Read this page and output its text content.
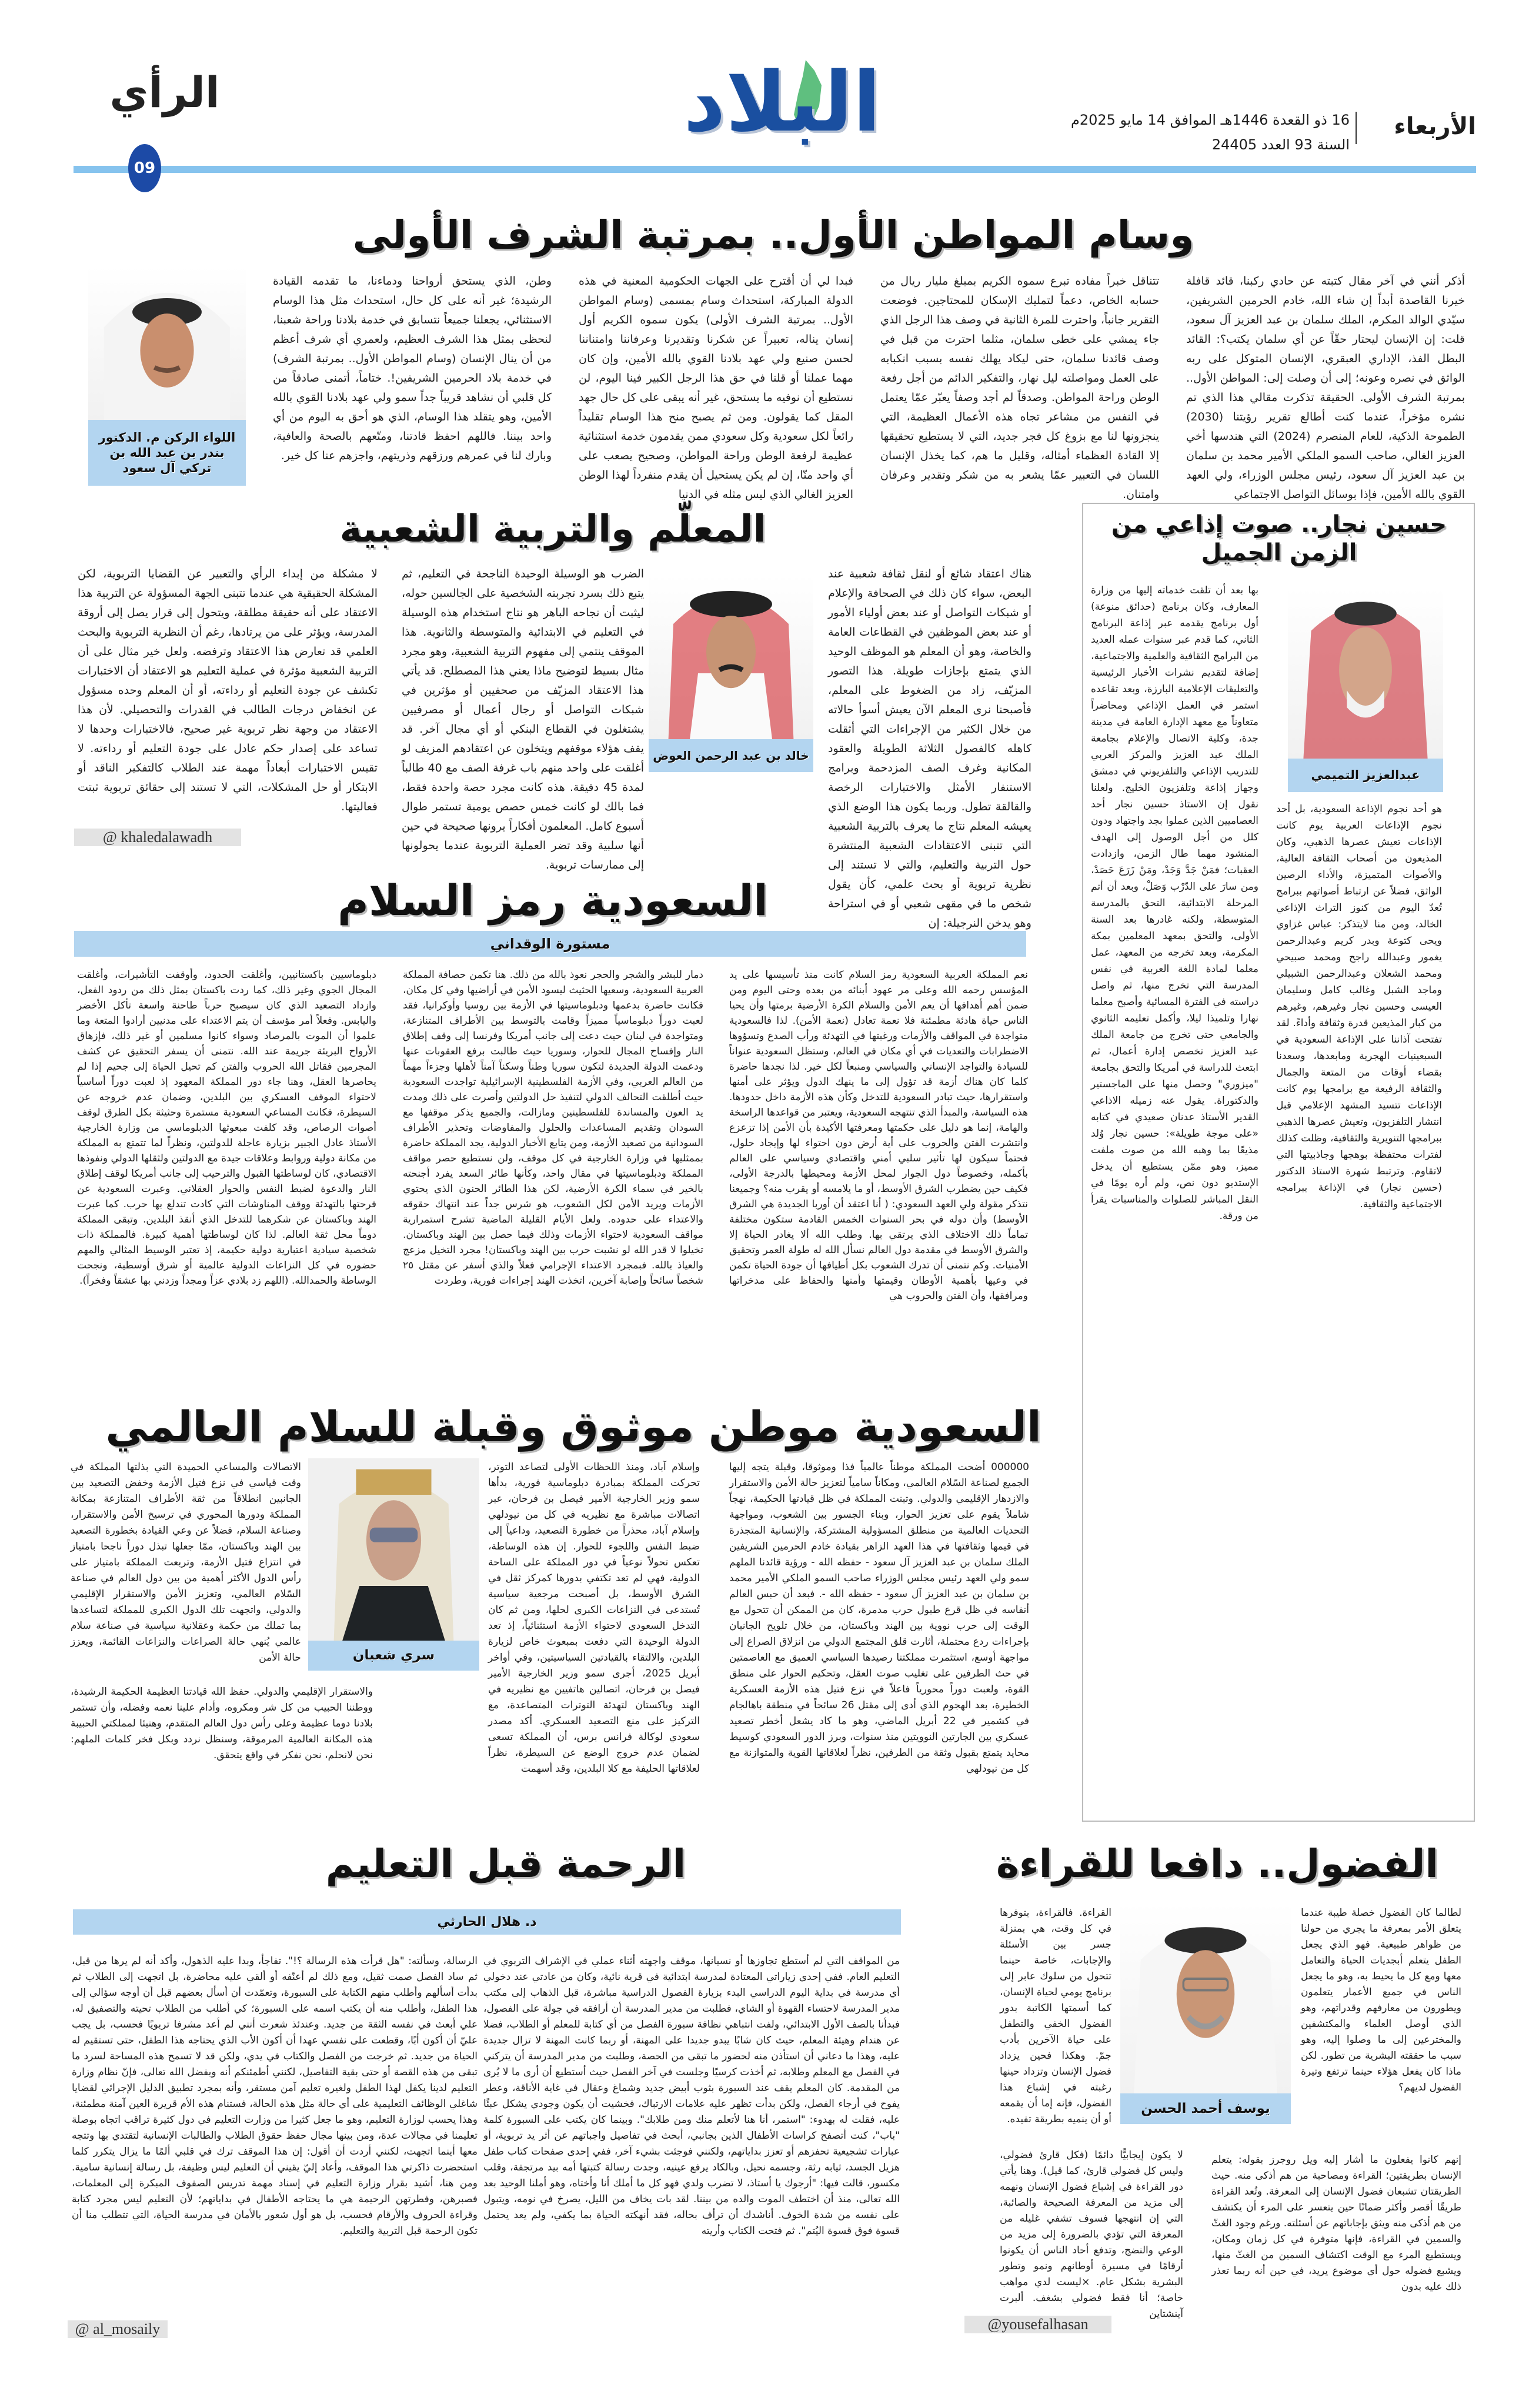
الأربعاء
16 ذو القعدة 1446هـ الموافق 14 مايو 2025م
السنة 93 العدد 24405
البلاد
الرأي
09
وسام المواطن الأول.. بمرتبة الشرف الأولى
أذكر أنني في آخر مقال كتبته عن حادي ركبنا، قائد قافلة خيرنا القاصدة أبداً إن شاء الله، خادم الحرمين الشريفين، سيّدي الوالد المكرم، الملك سلمان بن عبد العزيز آل سعود، قلت: إن الإنسان ليحتار حقّاً عن أي سلمان يكتب؟: القائد البطل الفذ، الإداري العبقري، الإنسان المتوكل على ربه الواثق في نصره وعونه؛ إلى أن وصلت إلى: المواطن الأول.. بمرتبة الشرف الأولى. الحقيقة تذكرت مقالي هذا الذي تم نشره مؤخراً، عندما كنت أطالع تقرير رؤيتنا (2030) الطموحة الذكية، للعام المنصرم (2024) التي هندسها أخي العزيز الغالي، صاحب السمو الملكي الأمير محمد بن سلمان بن عبد العزيز آل سعود، رئيس مجلس الوزراء، ولي العهد القوي بالله الأمين، فإذا بوسائل التواصل الاجتماعي
تتناقل خبراً مفاده تبرع سموه الكريم بمبلغ مليار ريال من حسابه الخاص، دعماً لتمليك الإسكان للمحتاجين. فوضعت التقرير جانباً، واحترت للمرة الثانية في وصف هذا الرجل الذي جاء يمشي على خطى سلمان، مثلما احترت من قبل في وصف قائدنا سلمان، حتى ليكاد يهلك نفسه بسبب انكبابه على العمل ومواصلته ليل نهار، والتفكير الدائم من أجل رفعة الوطن وراحة المواطن. وصدقاً لم أجد وصفاً يعبّر عمّا يعتمل في النفس من مشاعر تجاه هذه الأعمال العظيمة، التي ينجزونها لنا مع بزوغ كل فجر جديد، التي لا يستطيع تحقيقها إلا القادة العظماء أمثاله، وقليل ما هم، كما يخذل الإنسان اللسان في التعبير عمّا يشعر به من شكر وتقدير وعرفان وامتنان.
فبدا لي أن أقترح على الجهات الحكومية المعنية في هذه الدولة المباركة، استحداث وسام بمسمى (وسام المواطن الأول.. بمرتبة الشرف الأولى) يكون سموه الكريم أول إنسان يناله، تعبيراً عن شكرنا وتقديرنا وعرفاننا وامتناننا لحسن صنيع ولي عهد بلادنا القوي بالله الأمين، وإن كان مهما عملنا أو قلنا في حق هذا الرجل الكبير فينا اليوم، لن نستطيع أن نوفيه ما يستحق، غير أنه يبقى على كل حال جهد المقل كما يقولون. ومن ثم يصبح منح هذا الوسام تقليداً رائعاً لكل سعودية وكل سعودي ممن يقدمون خدمة استثنائية عظيمة لرفعة الوطن وراحة المواطن، وصحيح يصعب على أي واحد منّا، إن لم يكن يستحيل أن يقدم منفرداً لهذا الوطن العزيز الغالي الذي ليس مثله في الدنيا
وطن، الذي يستحق أرواحنا ودماءنا، ما تقدمه القيادة الرشيدة؛ غير أنه على كل حال، استحداث مثل هذا الوسام الاستثنائي، يجعلنا جميعاً نتسابق في خدمة بلادنا وراحة شعبنا، لنحظى بمثل هذا الشرف العظيم، ولعمري أي شرف أعظم من أن ينال الإنسان (وسام المواطن الأول.. بمرتبة الشرف) في خدمة بلاد الحرمين الشريفين!. ختاماً، أتمنى صادقاً من كل قلبي أن نشاهد قريباً جداً سمو ولي عهد بلادنا القوي بالله الأمين، وهو يتقلد هذا الوسام، الذي هو أحق به اليوم من أي واحد بيننا. فاللهم احفظ قادتنا، ومتّعهم بالصحة والعافية، وبارك لنا في عمرهم ورزقهم وذريتهم، واجزهم عنا كل خير.
اللواء الركن م. الدكتور بندر بن عبد الله بن تركي آل سعود
المعلّم والتربية الشعبية
هناك اعتقاد شائع أو لنقل ثقافة شعبية عند البعض، سواء كان ذلك في الصحافة والإعلام أو شبكات التواصل أو عند بعض أولياء الأمور أو عند بعض الموظفين في القطاعات العامة والخاصة، وهو أن المعلم هو الموظف الوحيد الذي يتمتع بإجازات طويلة. هذا التصور المزيّف، زاد من الضغوط على المعلم، فأصبحنا نرى المعلم الآن يعيش أسوأ حالاته من خلال الكثير من الإجراءات التي أثقلت كاهله كالفصول الثلاثة الطويلة والعقود المكانية وغرف الصف المزدحمة وبرامج الاستنفار الأمثل والاختبارات الرخصة والقالقة تطول. وربما يكون هذا الوضع الذي يعيشه المعلم نتاج ما يعرف بالتربية الشعبية التي تتبنى الاعتقادات الشعبية المنتشرة حول التربية والتعليم، والتي لا تستند إلى نظرية تربوية أو بحث علمي، كأن يقول شخص ما في مقهى شعبي أو في استراحة وهو يدخن النرجيلة: إن
خالد بن عبد الرحمن العوض
الضرب هو الوسيلة الوحيدة الناجحة في التعليم، ثم يتبع ذلك بسرد تجربته الشخصية على الجالسين حوله، ليثبت أن نجاحه الباهر هو نتاج استخدام هذه الوسيلة في التعليم في الابتدائية والمتوسطة والثانوية. هذا الموقف ينتمي إلى مفهوم التربية الشعبية، وهو مجرد مثال بسيط لتوضيح ماذا يعني هذا المصطلح. قد يأتي هذا الاعتقاد المزيّف من صحفيين أو مؤثرين في شبكات التواصل أو رجال أعمال أو مصرفيين يشتغلون في القطاع البنكي أو أي مجال آخر. قد يقف هؤلاء موقفهم ويتخلون عن اعتقادهم المزيف لو أغلقت على واحد منهم باب غرفة الصف مع 40 طالباً لمدة 45 دقيقة. هذه كانت مجرد حصة واحدة فقط، فما بالك لو كانت خمس حصص يومية تستمر طوال أسبوع كامل. المعلمون أفكاراً يرونها صحيحة في حين أنها سلبية وقد تضر العملية التربوية عندما يحولونها إلى ممارسات تربوية.
لا مشكلة من إبداء الرأي والتعبير عن القضايا التربوية، لكن المشكلة الحقيقية هي عندما تتبنى الجهة المسؤولة عن التربية هذا الاعتقاد على أنه حقيقة مطلقة، ويتحول إلى قرار يصل إلى أروقة المدرسة، ويؤثر على من يرتادها، رغم أن النظرية التربوية والبحث العلمي قد تعارض هذا الاعتقاد وترفضه. ولعل خير مثال على أن التربية الشعبية مؤثرة في عملية التعليم هو الاعتقاد أن الاختبارات تكشف عن جودة التعليم أو رداءته، أو أن المعلم وحده مسؤول عن انخفاض درجات الطالب في القدرات والتحصيلي. لأن هذا الاعتقاد من وجهة نظر تربوية غير صحيح، فالاختبارات وحدها لا تساعد على إصدار حكم عادل على جودة التعليم أو رداءته. لا تقيس الاختبارات أبعاداً مهمة عند الطلاب كالتفكير الناقد أو الابتكار أو حل المشكلات، التي لا تستند إلى حقائق تربوية ثبتت فعاليتها.
@ khaledalawadh
حسين نجار.. صوت إذاعي من الزمن الجميل
عبدالعزيز التميمي
بها بعد أن تلقت خدماته إليها من وزارة المعارف، وكان برنامج (حدائق منوعة) أول برنامج يقدمه عبر إذاعة البرنامج الثاني، كما قدم عبر سنوات عمله العديد من البرامج الثقافية والعلمية والاجتماعية، إضافة لتقديم نشرات الأخبار الرئيسية والتعليقات الإعلامية البارزة، وبعد تقاعده استمر في العمل الإذاعي ومحاضراً متعاوناً مع معهد الإدارة العامة في مدينة جدة، وكلية الاتصال والإعلام بجامعة الملك عبد العزيز والمركز العربي للتدريب الإذاعي والتلفزيوني في دمشق وجهاز إذاعة وتلفزيون الخليج. ولعلنا نقول إن الاستاذ حسين نجار أحد العصاميين الذين عملوا بجد واجتهاد ودون كلل من أجل الوصول إلى الهدف المنشود مهما طال الزمن، وازدادت العقبات؛ فمَنْ جَدَّ وَجَدْ، ومَنْ زَرَعَ حَصَدْ، ومن سارَ على الدّرْب وَصَلْ، وبعد أن أتم المرحلة الابتدائية، التحق بالمدرسة المتوسطة، ولكنه غادرها بعد السنة الأولى، والتحق بمعهد المعلمين بمكة المكرمة، وبعد تخرجه من المعهد، عمل معلما لمادة اللغة العربية في نفس المدرسة التي تخرج منها، ثم واصل دراسته في الفترة المسائية وأصبح معلما نهارا وتلميذا ليلا، وأكمل تعليمه الثانوي والجامعي حتى تخرج من جامعة الملك عبد العزيز تخصص إدارة أعمال، ثم ابتعث للدراسة في أمريكا والتحق بجامعة "ميزوري" وحصل منها على الماجستير والدكتوراة. يقول عنه زميله الاذاعي القدير الأستاذ عدنان صعيدي في كتابه «على موجة طويلة»: حسين نجار وُلد مذيعًا بما وهبه الله من صوت ملفت مميز، وهو ممّن يستطيع أن يدخل الإستديو دون نص، ولم أره يومًا في النقل المباشر للصلوات والمناسبات يقرأ من ورقة.
هو أحد نجوم الإذاعة السعودية، بل أحد نجوم الإذاعات العربية يوم كانت الإذاعات تعيش عصرها الذهبي، وكان المذيعون من أصحاب الثقافة العالية، والأصوات المتميزة، والأداء الرصين الواثق، فضلاً عن ارتباط أصواتهم ببرامج تُعدّ اليوم من كنوز التراث الإذاعي الخالد، ومن منا لايتذكر: عباس غزاوي ويحى كتوعة وبدر كريم وعبدالرحمن يغمور وعبدالله راجح ومحمد صبيحي ومحمد الشعلان وعبدالرحمن الشبيلي وماجد الشبل وغالب كامل وسليمان العيسى وحسين نجار وغيرهم، وغيرهم من كبار المذيعين قدرة وثقافة وأداءً. لقد تفتحت آذاننا على الإذاعة السعودية في السبعينيات الهجرية ومابعدها، وسعدنا بقضاء أوقات من المتعة والجمال والثقافة الرفيعة مع برامجها يوم كانت الإذاعات تتسيد المشهد الإعلامي قبل انتشار التلفزيون، وتعيش عصرها الذهبي ببرامجها التنويرية والثقافية، وظلت كذلك لفترات محتفظة بوهجها وجاذبيتها التي لاتقاوم. وترتبط شهرة الاستاذ الدكتور (حسين نجار) في الإذاعة ببرامجه الاجتماعية والثقافية.
السعودية رمز السلام
مستورة الوقداني
نعم المملكة العربية السعودية رمز السلام كانت منذ تأسيسها على يد المؤسس رحمه الله وعلى مر عهود أبنائه من بعده وحتى اليوم ومن ضمن أهم أهدافها أن يعم الأمن والسلام الكرة الأرضية برمتها وأن يحيا الناس حياة هادئة مطمئنة فلا نعمة تعادل (نعمة الأمن). لذا فالسعودية متواجدة في المواقف والأزمات ورغبتها في التهدئة ورأب الصدع وتسؤوها الاضطرابات والتعديات في أي مكان في العالم، وستظل السعودية عنواناً للسيادة والتواجد الإنساني والسياسي ومنبعاً لكل خير. لذا نجدها حاضرة كلما كان هناك أزمة قد تؤول إلى ما ينهك الدول ويؤثر على أمنها واستقرارها، حيث تبادر السعودية للتدخل وكأن هذه الأزمة داخل حدودها. هذه السياسة، والمبدأ الذي تنتهجه السعودية، ويعتبر من قواعدها الراسخة والهامة، إنما هو دليل على حكمتها ومعرفتها الأكيدة بأن الأمن إذا تزعزع وانتشرت الفتن والحروب على أية أرض دون احتواء لها وإيجاد حلول، فحتماً سيكون لها تأثير سلبي أمني واقتصادي وسياسي على العالم بأكمله، وخصوصاً دول الجوار لمحل الأزمة ومحيطها بالدرجة الأولى، فكيف حين يضطرب الشرق الأوسط، أو ما يلامسه أو يقرب منه؟ وجميعنا نتذكر مقولة ولي العهد السعودي: ( أنا اعتقد أن أوربا الجديدة هي الشرق الأوسط) وأن دوله في بحر السنوات الخمس القادمة ستكون مختلفة تماماً ذلك الاختلاف الذي يرتقي بها. وطلب الله ألا يغادر الحياة إلا والشرق الأوسط في مقدمة دول العالم نسأل الله له طولة العمر وتحقيق الأمنيات. وكم نتمنى أن تدرك الشعوب بكل أطيافها أن جودة الحياة تكمن في وعيها بأهمية الأوطان وقيمتها وأمنها والحفاظ على مدخراتها ومرافقها، وأن الفتن والحروب هي
دمار للبشر والشجر والحجر نعوذ بالله من ذلك. هنا تكمن حصافة المملكة العربية السعودية، وسعيها الحثيث ليسود الأمن في أراضيها وفي كل مكان، فكانت حاضرة بدعمها ودبلوماسيتها في الأزمة بين روسيا وأوكرانيا، فقد لعبت دوراً دبلوماسياً مميزاً وقامت بالتوسط بين الأطراف المتنازعة، ومتواجدة في لبنان حيث دعت إلى جانب أمريكا وفرنسا إلى وقف إطلاق النار وإفساح المجال للحوار، وسوريا حيث طالبت برفع العقوبات عنها ودعمت الدولة الجديدة لتكون سوريا وطناً وسكناً آمناً لأهلها وجزءاً مهماً من العالم العربي، وفي الأزمة الفلسطينية الإسرائيلية تواجدت السعودية حيث أطلقت التحالف الدولي لتنفيذ حل الدولتين وأصرت على ذلك ومدت يد العون والمساندة للفلسطينين ومازالت، والجميع يذكر موقفها مع السودان وتقديم المساعدات والحلول والمفاوضات وتحذير الأطراف السودانية من تصعيد الأزمة، ومن يتابع الأخبار الدولية، يجد المملكة حاضرة بممثليها في وزارة الخارجية في كل موقف، ولن نستطيع حصر مواقف المملكة ودبلوماسيتها في مقال واحد، وكأنها طائر السعد يفرد أجنحته بالخير في سماء الكرة الأرضية، لكن هذا الطائر الحنون الذي يحتوي الأزمات ويريد الأمن لكل الشعوب، هو شرس جداً عند انتهاك حقوقه والاعتداء على حدوده. ولعل الأيام القليلة الماضية تشرح استمرارية مواقف السعودية لاحتواء الأزمات وذلك فيما حصل بين الهند وباكستان. تخيلوا لا قدر الله لو نشبت حرب بين الهند وباكستان! مجرد التخيل مزعج والعياذ بالله. فبمجرد الاعتداء الإجرامي فعلاً والذي أسفر عن مقتل ٢٥ شخصاً سائحاً وإصابة آخرين، اتخذت الهند إجراءات فورية، وطردت
دبلوماسيين باكستانيين، وأغلقت الحدود، وأوقفت التأشيرات، وأغلقت المجال الجوي وغير ذلك، كما ردت باكستان بمثل ذلك من ردود الفعل، وازداد التصعيد الذي كان سيصبح حرباً طاحنة واسعة تأكل الأخضر واليابس. وفعلاً أمر مؤسف أن يتم الاعتداء على مدنيين أرادوا المتعة وما علموا أن الموت بالمرصاد وسواء كانوا مسلمين أو غير ذلك، فإزهاق الأرواح البريئة جريمة عند الله. نتمنى أن يسفر التحقيق عن كشف المجرمين فقاتل الله الحروب والفتن كم تحيل الحياة إلى جحيم إذا لم يحاصرها العقل، وهنا جاء دور المملكة المعهود إذ لعبت دوراً أساسياً لاحتواء الموقف العسكري بين البلدين، وضمان عدم خروجه عن السيطرة، فكانت المساعي السعودية مستمرة وحثيثة بكل الطرق لوقف أصوات الرصاص، وقد كلفت مبعوثها الدبلوماسي من وزارة الخارجية الأستاذ عادل الجبير بزيارة عاجلة للدولتين، ونظراً لما تتمتع به المملكة من مكانة دولية وروابط وعلاقات جيدة مع الدولتين ولثقلها الدولي ونفوذها الاقتصادي، كان لوساطتها القبول والترحيب إلى جانب أمريكا لوقف إطلاق النار والدعوة لضبط النفس والحوار العقلاني. وعبرت السعودية عن فرحتها بالتهدئة ووقف المناوشات التي كادت تندلع بها حرب. كما عبرت الهند وباكستان عن شكرهما للتدخل الذي أنقذ البلدين. وتبقى المملكة دوماً محل ثقة العالم. لذا كان لوساطتها أهمية كبيرة. فالمملكة ذات شخصية سيادية اعتبارية دولية حكيمة، إذ تعتبر الوسيط المثالي والمهم حضوره في كل النزاعات الدولية عالمية أو شرق أوسطية، ونجحت الوساطة والحمدالله. (اللهم زد بلادي عزاً ومجداً وزدني بها عشقاً وفخراً).
السعودية موطن موثوق وقبلة للسلام العالمي
000000 أضحت المملكة موطناً عالمياً فذا وموثوقا، وقبلة يتجه إليها الجميع لصناعة السّلام العالمي، ومكاناً سامياً لتعزيز حالة الأمن والاستقرار والازدهار الإقليمي والدولي. وتبنت المملكة في ظل قيادتها الحكيمة، نهجاً شاملاً يقوم على تعزيز الحوار، وبناء الجسور بين الشعوب، ومواجهة التحديات العالمية من منطلق المسؤولية المشتركة، والإنسانية المتجذرة في قيمها وثقافتها في هذا العهد الزاهر بقيادة خادم الحرمين الشريفين الملك سلمان بن عبد العزيز آل سعود - حفظه الله - ورؤية قائدنا الملهم سمو ولي العهد رئيس مجلس الوزراء صاحب السمو الملكي الأمير محمد بن سلمان بن عبد العزيز آل سعود - حفظه الله -. فبعد أن حبس العالم أنفاسه في ظل قرع طبول حرب مدمرة، كان من الممكن أن تتحول مع الوقت إلى حرب نووية بين الهند وباكستان، من خلال تلويح الجانبان بإجراءات ردع محتملة، أثارت قلق المجتمع الدولي من انزلاق الصراع إلى مواجهة أوسع، استثمرت مملكتنا رصيدها السياسي العميق مع العاصمتين في حث الطرفين على تغليب صوت العقل، وتحكيم الحوار على منطق القوة، ولعبت دوراً محورياً فاعلاً في نزع فتيل هذه الأزمة العسكرية الخطيرة، بعد الهجوم الذي أدى إلى مقتل 26 سائحاً في منطقة باهالجام في كشمير في 22 أبريل الماضي، وهو ما كاد يشعل أخطر تصعيد عسكري بين الجارتين النوويتين منذ سنوات، وبرز الدور السعودي كوسيط محايد يتمتع بقبول وثقة من الطرفين، نظراً لعلاقاتها القوية والمتوازنة مع كل من نيودلهي
وإسلام آباد، ومنذ اللحظات الأولى لتصاعد التوتر، تحركت المملكة بمبادرة دبلوماسية فورية، بدأها سمو وزير الخارجية الأمير فيصل بن فرحان، عبر اتصالات مباشرة مع نظيريه في كل من نيودلهي وإسلام آباد، محذراً من خطورة التصعيد، وداعياً إلى ضبط النفس واللجوء للحوار. إن هذه الوساطة، تعكس تحولاً نوعياً في دور المملكة على الساحة الدولية، فهي لم تعد تكتفي بدورها كمركز ثقل في الشرق الأوسط، بل أصبحت مرجعية سياسية تُستدعى في النزاعات الكبرى لحلها، ومن ثم كان التدخل السعودي لاحتواء الأزمة استثنائياً، إذ تعد الدولة الوحيدة التي دفعت بمبعوث خاص لزيارة البلدين، والالتقاء بالقيادتين السياسيتين، وفي أواخر أبريل 2025، أجرى سمو وزير الخارجية الأمير فيصل بن فرحان، اتصالين هاتفيين مع نظيريه في الهند وباكستان لتهدئة التوترات المتصاعدة، مع التركيز على منع التصعيد العسكري. أكد مصدر سعودي لوكالة فرانس برس، أن المملكة تسعى لضمان عدم خروج الوضع عن السيطرة، نظراً لعلاقاتها الحليفة مع كلا البلدين، وقد أسهمت
سري شعبان
الاتصالات والمساعي الحميدة التي بذلتها المملكة في وقت قياسي في نزع فتيل الأزمة وخفض التصعيد بين الجانبين انطلاقاً من ثقة الأطراف المتنازعة بمكانة المملكة ودورها المحوري في ترسيخ الأمن والاستقرار، وصناعة السلام، فضلاً عن وعي القيادة بخطورة التصعيد بين الهند وباكستان، ممّا جعلها تبذل دوراً ناجحا بامتياز في انتزاع فتيل الأزمة، وتربعت المملكة بامتياز على رأس الدول الأكثر أهمية من بين دول العالم في صناعة السّلام العالمي، وتعزيز الأمن والاستقرار الإقليمي والدولي، واتجهت تلك الدول الكبرى للمملكة لتساعدها بما تملك من حكمة وعقلانية سياسية في صناعة سلام عالمي يُنهي حالة الصراعات والنزاعات القائمة، ويعزز حالة الأمن
والاستقرار الإقليمي والدولي. حفظ الله قيادتنا العظيمة الحكيمة الرشيدة، ووطننا الحبيب من كل شر ومكروه، وأدام علينا نعمه وفضله، وأن تستمر بلادنا دوما عظيمة وعلى رأس دول العالم المتقدم، وهنيئا لمملكتي الحبيبة هذه المكانة العالمية المرموقة، وسنظل نردد وبكل فخر كلمات الملهم: نحن لانحلم، نحن نفكر في واقع يتحقق.
الفضول.. دافعا للقراءة
لطالما كان الفضول خصلة طيبة عندما يتعلق الأمر بمعرفة ما يجري من حولنا من ظواهر طبيعية. فهو الذي يجعل الطفل يتعلم أبجديات الحياة والتعامل معها ومع كل ما يحيط به، وهو ما يجعل الناس في جميع الأعمار يتعلمون ويطورون من معارفهم وقدراتهم، وهو الذي أوصل العلماء والمكتشفين والمخترعين إلى ما وصلوا إليه، وهو سبب ما حققته البشرية من تطور. لكن ماذا كان يفعل هؤلاء حينما ترتفع وتيرة الفضول لديهم؟
يوسف أحمد الحسن
القراءة. فالقراءة، بتوفرها في كل وقت، هي بمنزلة جسر بين الأسئلة والإجابات، خاصة حينما تتحول من سلوك عابر إلى برنامج يومي لحياة الإنسان، كما أسمتها الكاتبة بدور الفضول الخفي والتطفل على حياة الآخرين بأدب جمّ. وهكذا فحين يزداد فضول الإنسان وتزداد حينها رغبته في إشباع هذا الفضول، فإنه إما أن يقمعه أو أن ينميه بطريقة تفيده.
إنهم كانوا يفعلون ما أشار إليه ويل روجرز بقوله: يتعلم الإنسان بطريقتين؛ القراءة ومصاحبة من هم أذكى منه. حيث الطريقتان تشبعان فضول الإنسان إلى المعرفة. وتُعد القراءة طريقًا أقصر وأكثر ضمانًا حين يتعسر على المرء أن يكتشف من هم أذكى منه ويثق بإجاباتهم عن أسئلته. ورغم وجود الغثّ والسمين في القراءة، فإنها متوفرة في كل زمان ومكان، ويستطيع المرء مع الوقت اكتشاف السمين من الغثّ منها، ويشبع فضوله حول أي موضوع يريد، في حين أنه ربما تعذر ذلك عليه بدون
لا يكون إيجابيًّا دائمًا (فكل قارئ فضولي، وليس كل فضولي قارئ، كما قيل). وهنا يأتي دور القراءة في إشباع فضول الإنسان ونهمه إلى مزيد من المعرفة الصحيحة والصائبة، التي إن انتهجها فسوف تشفي غليله من المعرفة التي تؤدي بالضرورة إلى مزيد من الوعي والنضج، وتدفع أحاد الناس أن يكونوا أرقامًا في مسيرة أوطانهم ونمو وتطور البشرية بشكل عام. ×ليست لدي مواهب خاصة؛ أنا فقط فضولي بشغف. ألبرت آينشتاين
@yousefalhasan
الرحمة قبل التعليم
د. هلال الحارثي
من المواقف التي لم أستطع تجاوزها أو نسيانها، موقف واجهته أثناء عملي في الإشراف التربوي في التعليم العام. ففي إحدى زياراتي المعتادة لمدرسة ابتدائية في قرية نائية، وكان من عادتي عند دخولي أي مدرسة في بداية اليوم الدراسي البدء بزيارة الفصول الدراسية مباشرة، قبل الذهاب إلى مكتب مدير المدرسة لاحتساء القهوة أو الشاي، فطلبت من مدير المدرسة أن أرافقه في جولة على الفصول، فبدأنا بالصف الأول الابتدائي، ولفت انتباهي نظافة سبورة الفصل من أي كتابة للمعلم أو الطلاب، فضلا عن هندام وهيئة المعلم، حيث كان شابًا يبدو جديدا على المهنة، أو ربما كانت المهنة لا تزال جديدة عليه، وهذا ما دعاني أن استأذن منه لحضور ما تبقى من الحصة، وطلبت من مدير المدرسة أن يتركني في الفصل مع المعلم وطلابه، ثم أخذت كرسيًا وجلست في آخر الفصل حيث أستطيع أن أرى ما لا يُرى من المقدمة. كان المعلم يقف عند السبورة بثوب أبيض جديد وشماغ وعقال في غاية الأناقة، وعطر يفوح في أرجاء الفصل، ولكن بدأت تظهر عليه علامات الارتباك، فخشيت أن يكون وجودي يشكل عبئًا عليه، فقلت له بهدوء: "استمر، أنا هنا لأتعلم منك ومن طلابك". وبينما كان يكتب على السبورة كلمة "باب"، كنت أتصفح كراسات الأطفال الذين بجانبي، أبحث في تفاصيل واجباتهم عن أثر يد تربوية، أو عبارات تشجيعية تحفزهم أو تعزز بداياتهم، ولكنني فوجئت بشيء آخر، ففي إحدى صفحات كتاب طفل هزيل الجسد، ثيابه رثة، وجسمه نحيل، وبالكاد يرفع عينيه، وجدت رسالة كتبتها أمه بيد مرتجفة، وقلب مكسور، قالت فيها: "أرجوك يا أستاذ، لا تضرب ولدي فهو كل ما أملك أنا وأختاه، وهو أملنا الوحيد بعد الله تعالى، منذ أن اختطف الموت والده من بيننا. لقد بات يخاف من الليل، يصرخ في نومه، ويتبول على نفسه من شدة الخوف. أناشدك أن ترأف بحاله، فقد أنهكته الحياة بما يكفي، ولم يعد يحتمل قسوة فوق قسوة اليُتم". ثم فتحت الكتاب وأريته
الرسالة، وسألته: "هل قرأت هذه الرسالة ؟!". تفاجأ، وبدا عليه الذهول، وأكد أنه لم يرها من قبل، ثم ساد الفصل صمت ثقيل، ومع ذلك لم أعنّفه أو ألقي عليه محاضرة، بل اتجهت إلى الطلاب ثم بدأت أسألهم وأطلب منهم الكتابة على السبورة، وتعمّدت أن أسأل بعضهم قبل أن أوجه سؤالي إلى هذا الطفل، وأطلب منه أن يكتب اسمه على السبورة؛ كي أطلب من الطلاب تحيته والتصفيق له، علي أبعث في نفسه الثقة من جديد. وعندئذ شعرت أنني لم أعد مشرفا تربويًا فحسب، بل يجب عليّ أن أكون أبًا، وقطعت على نفسي عهدا أن أكون الأب الذي يحتاجه هذا الطفل، حتى تستقيم له الحياة من جديد. ثم خرجت من الفصل والكتاب في يدي، ولكن قد لا تسمح هذه المساحة لسرد ما تبقى من هذه القصة أو حتى بقية التفاصيل، لكنني أطمئنكم أنه وبفضل الله تعالى، فإنّ نظام وزارة التعليم لدينا يكفل لهذا الطفل ولغيره تعليم آمن مستقر، وأنه بمجرد تطبيق الدليل الإجرائي لقضايا شاغلي الوظائف التعليمية على أي حالة مثل هذه الحالة، فستنام هذه الأم قريرة العين آمنة مطمئنة، وهذا يحسب لوزارة التعليم، وهو ما جعل كثيرا من وزارت التعليم في دول كثيرة تراقب اتجاه بوصلة تعليمنا في مجالات عدة، ومن بينها مجال حفظ حقوق الطلاب والطالبات الإنسانية لتقتدي بها وتتجه معها أينما اتجهت، لكنني أردت أن أقول: إن هذا الموقف ترك في قلبي ألمًا ما يزال يتكرر كلما استحضرت ذاكرتي هذا الموقف، وأعاد إليّ يقيني أن التعليم ليس وظيفة، بل رسالة إنسانية سامية. ومن هنا، أشيد بقرار وزارة التعليم في إسناد مهمة تدريس الصفوف المبكرة إلى المعلمات، فصبرهن، وفطرتهن الرحيمة هي ما يحتاجه الأطفال في بداياتهم؛ لأن التعليم ليس مجرد كتابة وقراءة الحروف والأرقام فحسب، بل هو أول شعور بالأمان في مدرسة الحياة، التي تتطلب منا أن تكون الرحمة قبل التربية والتعليم.
@ al_mosaily
